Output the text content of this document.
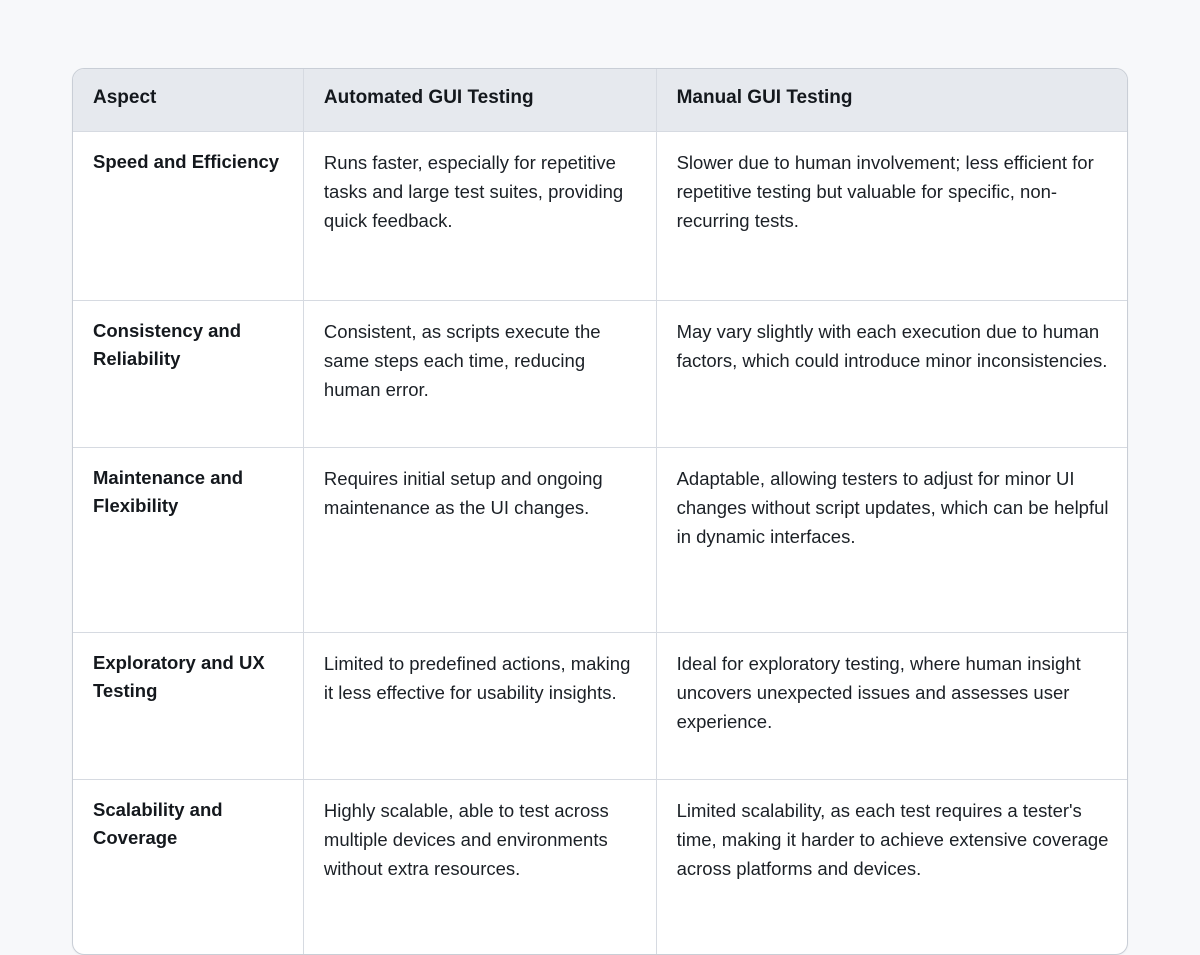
Aspect	Automated GUI Testing	Manual GUI Testing
Speed and Efficiency	Runs faster, especially for repetitive tasks and large test suites, providing quick feedback.	Slower due to human involvement; less efficient for repetitive testing but valuable for specific, non-recurring tests.
Consistency and Reliability	Consistent, as scripts execute the same steps each time, reducing human error.	May vary slightly with each execution due to human factors, which could introduce minor inconsistencies.
Maintenance and Flexibility	Requires initial setup and ongoing maintenance as the UI changes.	Adaptable, allowing testers to adjust for minor UI changes without script updates, which can be helpful in dynamic interfaces.
Exploratory and UX Testing	Limited to predefined actions, making it less effective for usability insights.	Ideal for exploratory testing, where human insight uncovers unexpected issues and assesses user experience.
Scalability and Coverage	Highly scalable, able to test across multiple devices and environments without extra resources.	Limited scalability, as each test requires a tester's time, making it harder to achieve extensive coverage across platforms and devices.
